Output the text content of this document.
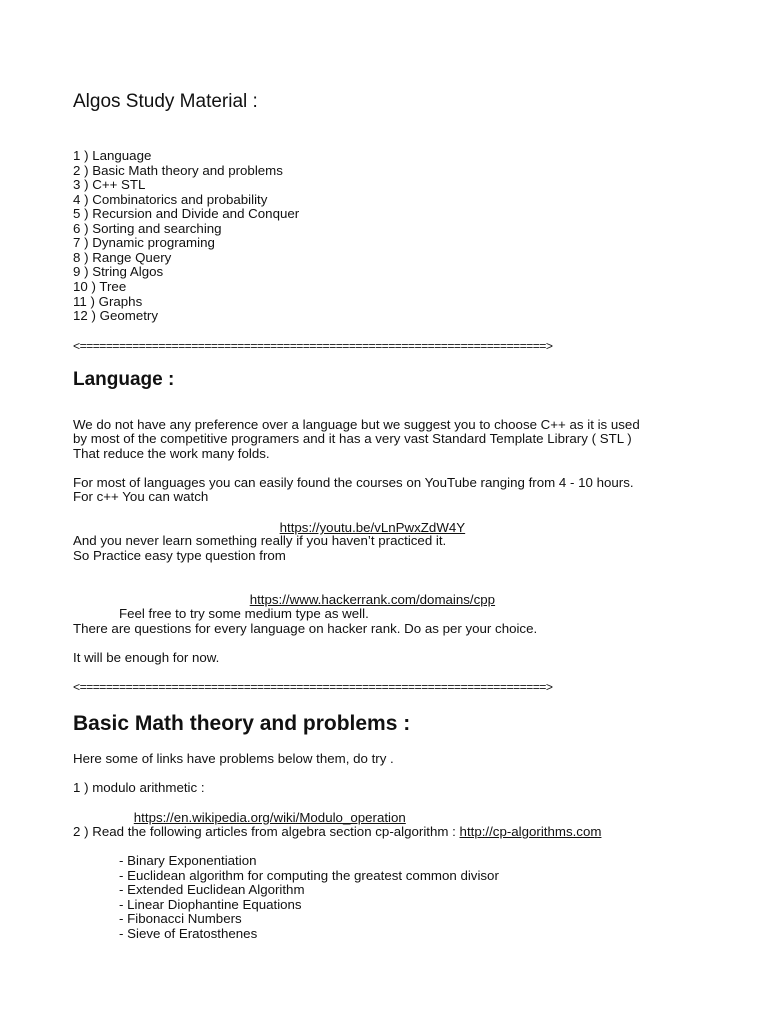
Algos Study Material :
1 ) Language
2 ) Basic Math theory and problems
3 ) C++ STL
4 ) Combinatorics and probability
5 ) Recursion and Divide and Conquer
6 ) Sorting and searching
7 ) Dynamic programing
8 ) Range Query
9 ) String Algos
10 ) Tree
11 ) Graphs
12 ) Geometry
<=======================================================================>
Language :
We do not have any preference over a language but we suggest you to choose C++ as it is used
by most of the competitive programers and it has a very vast Standard Template Library ( STL )
That reduce the work many folds.
For most of languages you can easily found the courses on YouTube ranging from 4 - 10 hours.
For c++ You can watch

https://youtu.be/vLnPwxZdW4Y

And you never learn something really if you haven’t practiced it.
So Practice easy type question from

https://www.hackerrank.com/domains/cpp

Feel free to try some medium type as well.
There are questions for every language on hacker rank. Do as per your choice.
It will be enough for now.
<=======================================================================>
Basic Math theory and problems :
Here some of links have problems below them, do try .
1 ) modulo arithmetic :

https://en.wikipedia.org/wiki/Modulo_operation

2 ) Read the following articles from algebra section cp-algorithm : http://cp-algorithms.com
- Binary Exponentiation
- Euclidean algorithm for computing the greatest common divisor
- Extended Euclidean Algorithm
- Linear Diophantine Equations
- Fibonacci Numbers
- Sieve of Eratosthenes
